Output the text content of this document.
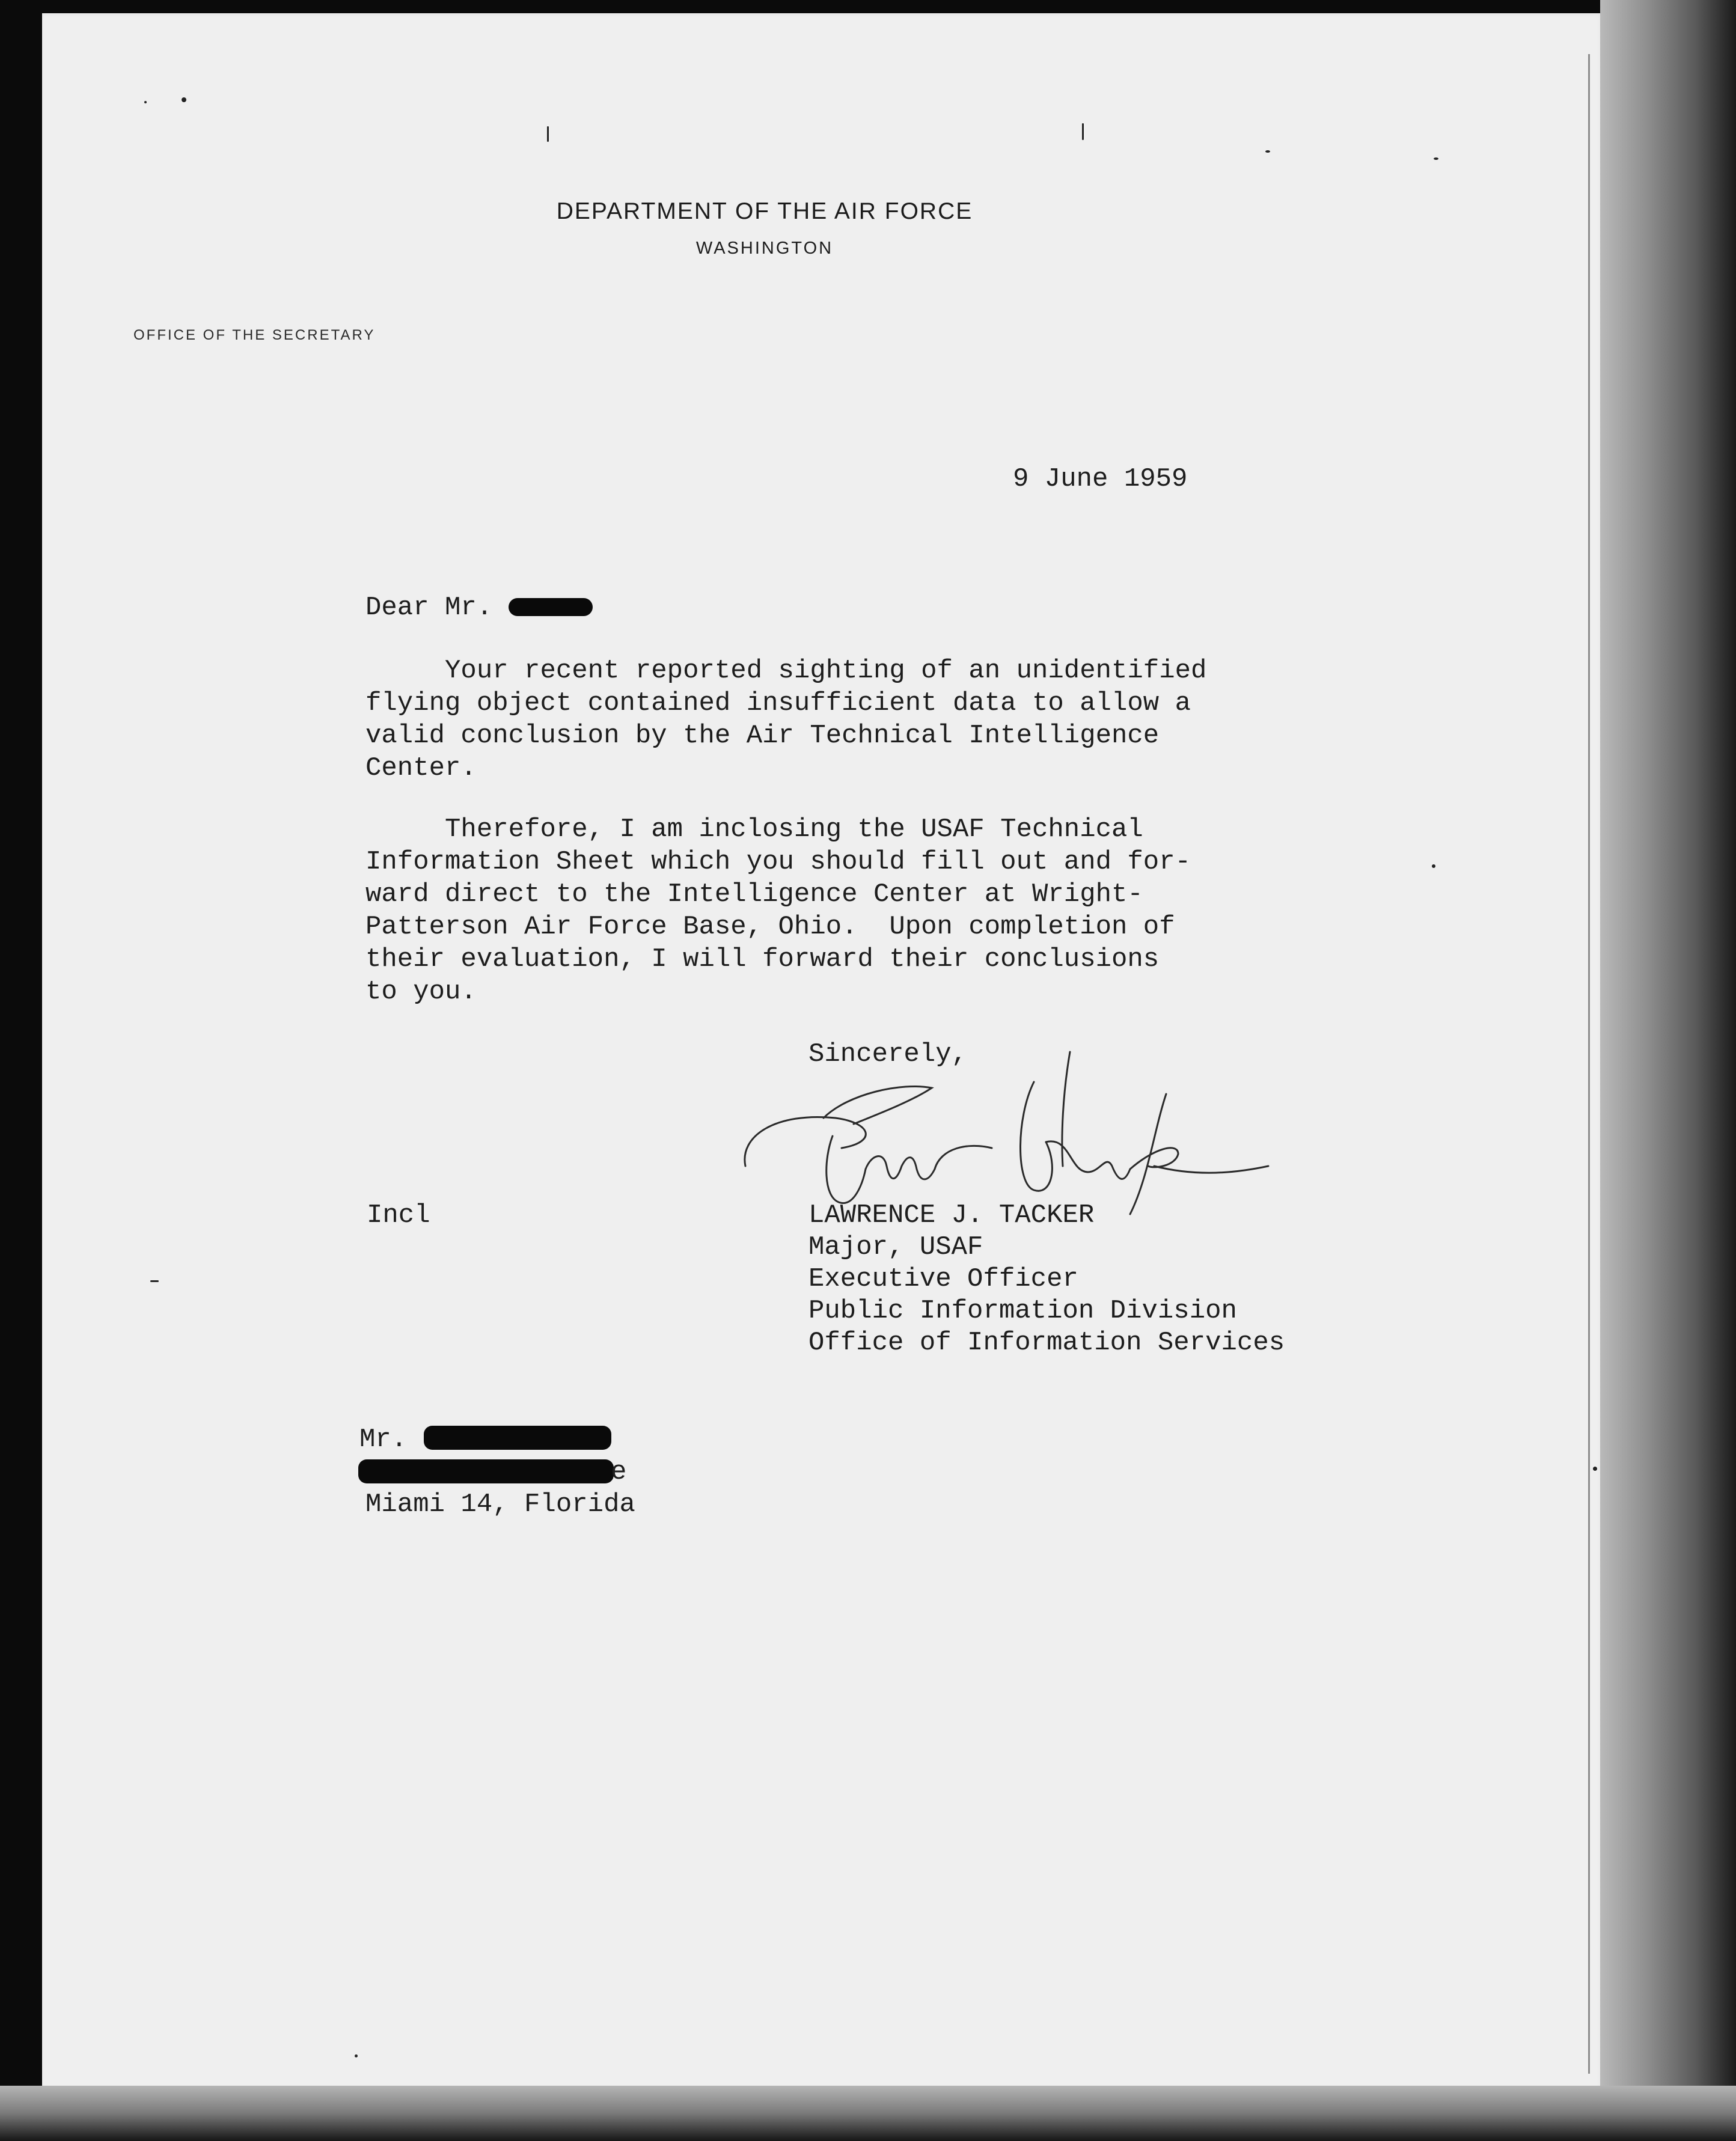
DEPARTMENT OF THE AIR FORCE

WASHINGTON

OFFICE OF THE SECRETARY

9 June 1959

Dear Mr.

Your recent reported sighting of an unidentified

flying object contained insufficient data to allow a

valid conclusion by the Air Technical Intelligence

Center.

Therefore, I am inclosing the USAF Technical

Information Sheet which you should fill out and for-

ward direct to the Intelligence Center at Wright-

Patterson Air Force Base, Ohio.  Upon completion of

their evaluation, I will forward their conclusions

to you.

Sincerely,

Incl	LAWRENCE J. TACKER

Major, USAF

Executive Officer

Public Information Division

Office of Information Services

Mr.

e

Miami 14, Florida
